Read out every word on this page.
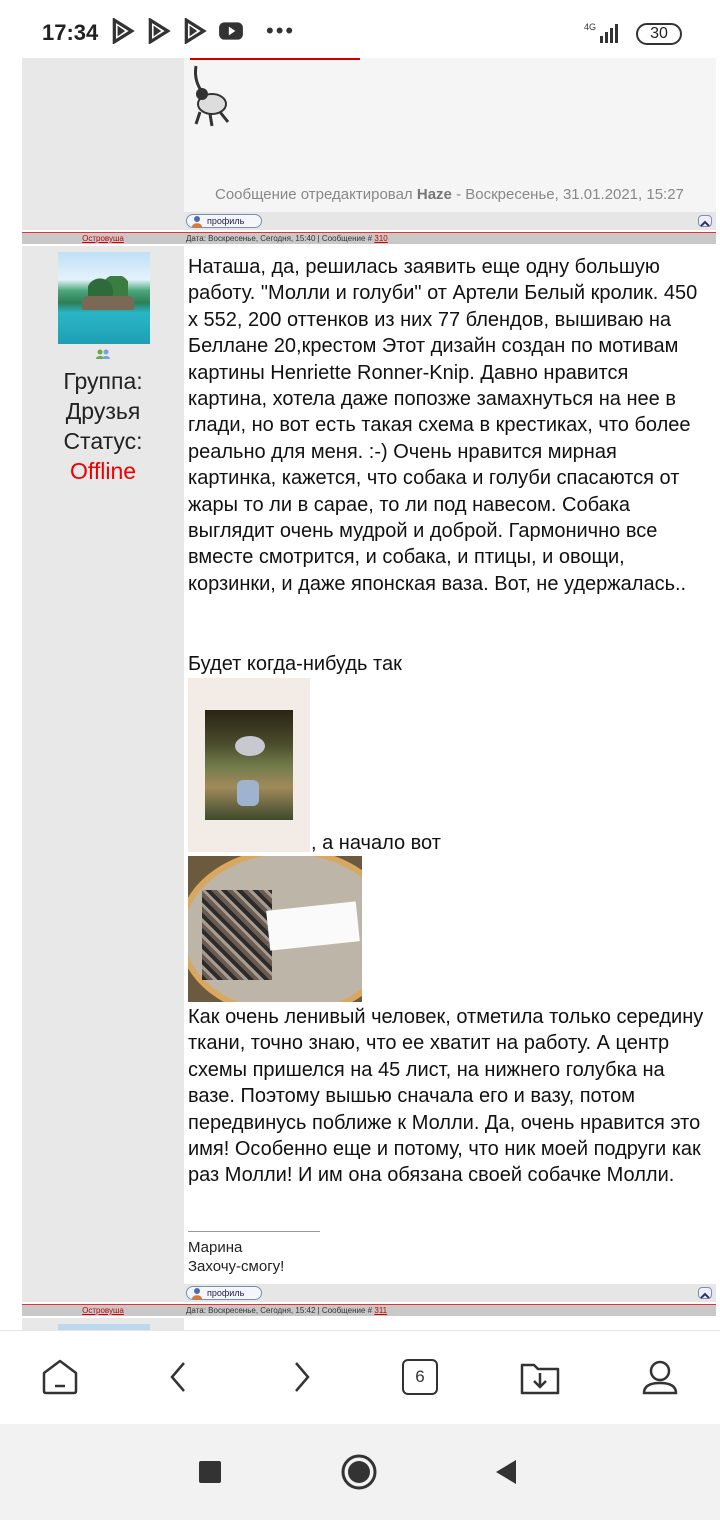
17:34	•••	4G	30
Сообщение отредактировал Haze - Воскресенье, 31.01.2021, 15:27
профиль
Островуша	Дата: Воскресенье, Сегодня, 15:40 | Сообщение # 310
Группа:
Друзья
Статус:
Offline
Наташа, да, решилась заявить еще одну большую работу. "Молли и голуби" от Артели Белый кролик. 450 х 552, 200 оттенков из них 77 блендов, вышиваю на Беллане 20,крестом Этот дизайн создан по мотивам картины Henriette Ronner-Knip. Давно нравится картина, хотела даже попозже замахнуться на нее в глади, но вот есть такая схема в крестиках, что более реально для меня. :-) Очень нравится мирная картинка, кажется, что собака и голуби спасаются от жары то ли в сарае, то ли под навесом. Собака выглядит очень мудрой и доброй. Гармонично все вместе смотрится, и собака, и птицы, и овощи, корзинки, и даже японская ваза. Вот, не удержалась..
Будет когда-нибудь так
, а начало вот
Как очень ленивый человек, отметила только середину ткани, точно знаю, что ее хватит на работу. А центр схемы пришелся на 45 лист, на нижнего голубка на вазе. Поэтому вышью сначала его и вазу, потом передвинусь поближе к Молли. Да, очень нравится это имя! Особенно еще и потому, что ник моей подруги как раз Молли! И им она обязана своей собачке Молли.
Марина
Захочу-смогу!
профиль
Островуша	Дата: Воскресенье, Сегодня, 15:42 | Сообщение # 311
6
